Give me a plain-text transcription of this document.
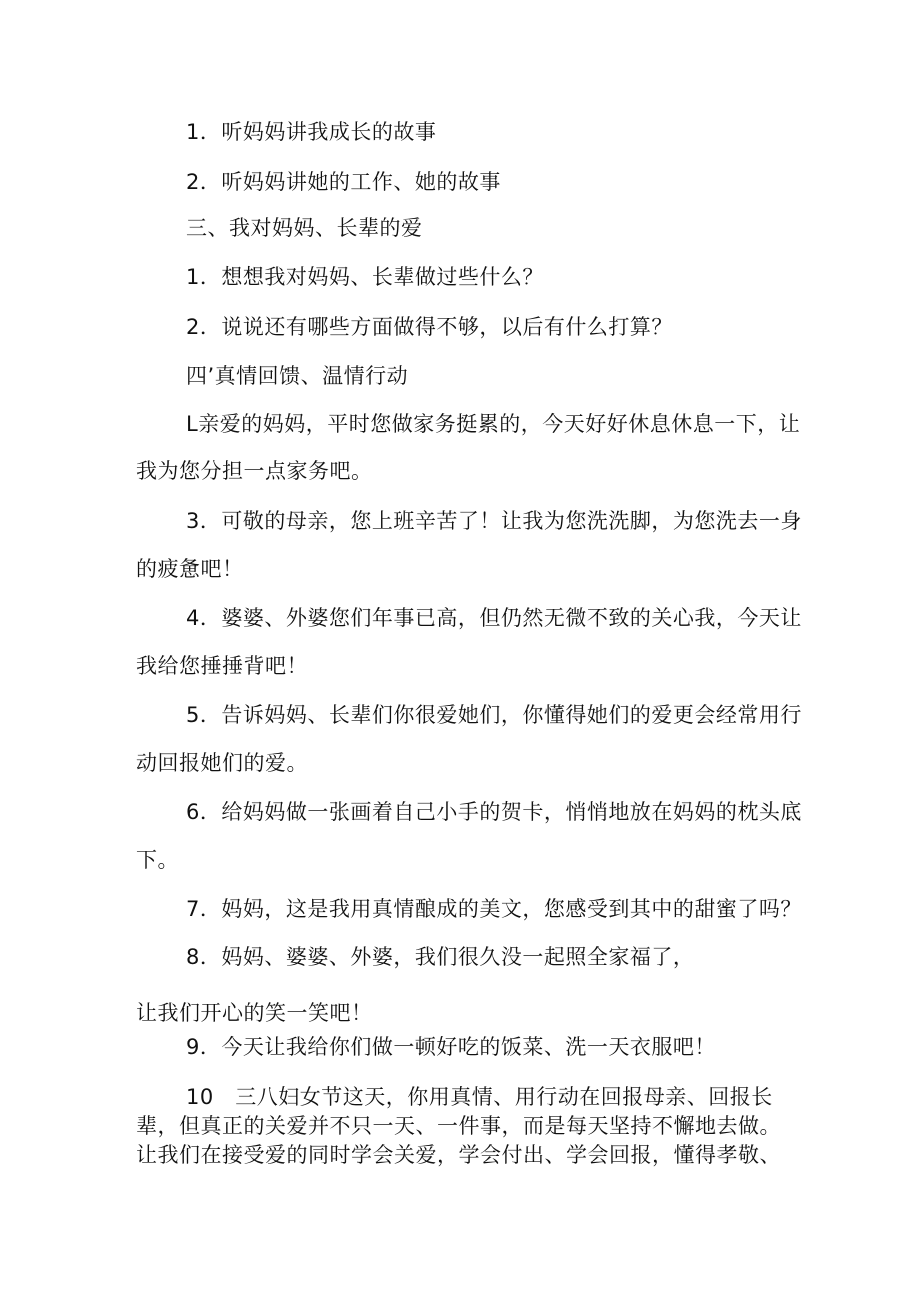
1．听妈妈讲我成长的故事
2．听妈妈讲她的工作、她的故事
三、我对妈妈、长辈的爱
1．想想我对妈妈、长辈做过些什么？
2．说说还有哪些方面做得不够，以后有什么打算？
四’真情回馈、温情行动
L亲爱的妈妈，平时您做家务挺累的，今天好好休息休息一下，让
我为您分担一点家务吧。
3．可敬的母亲，您上班辛苦了！让我为您洗洗脚，为您洗去一身
的疲惫吧！
4．婆婆、外婆您们年事已高，但仍然无微不致的关心我，今天让
我给您捶捶背吧！
5．告诉妈妈、长辈们你很爱她们，你懂得她们的爱更会经常用行
动回报她们的爱。
6．给妈妈做一张画着自己小手的贺卡，悄悄地放在妈妈的枕头底
下。
7．妈妈，这是我用真情酿成的美文，您感受到其中的甜蜜了吗？
8．妈妈、婆婆、外婆，我们很久没一起照全家福了，
让我们开心的笑一笑吧！
9．今天让我给你们做一顿好吃的饭菜、洗一天衣服吧！
10　三八妇女节这天，你用真情、用行动在回报母亲、回报长
辈，但真正的关爱并不只一天、一件事，而是每天坚持不懈地去做。
让我们在接受爱的同时学会关爱，学会付出、学会回报，懂得孝敬、
